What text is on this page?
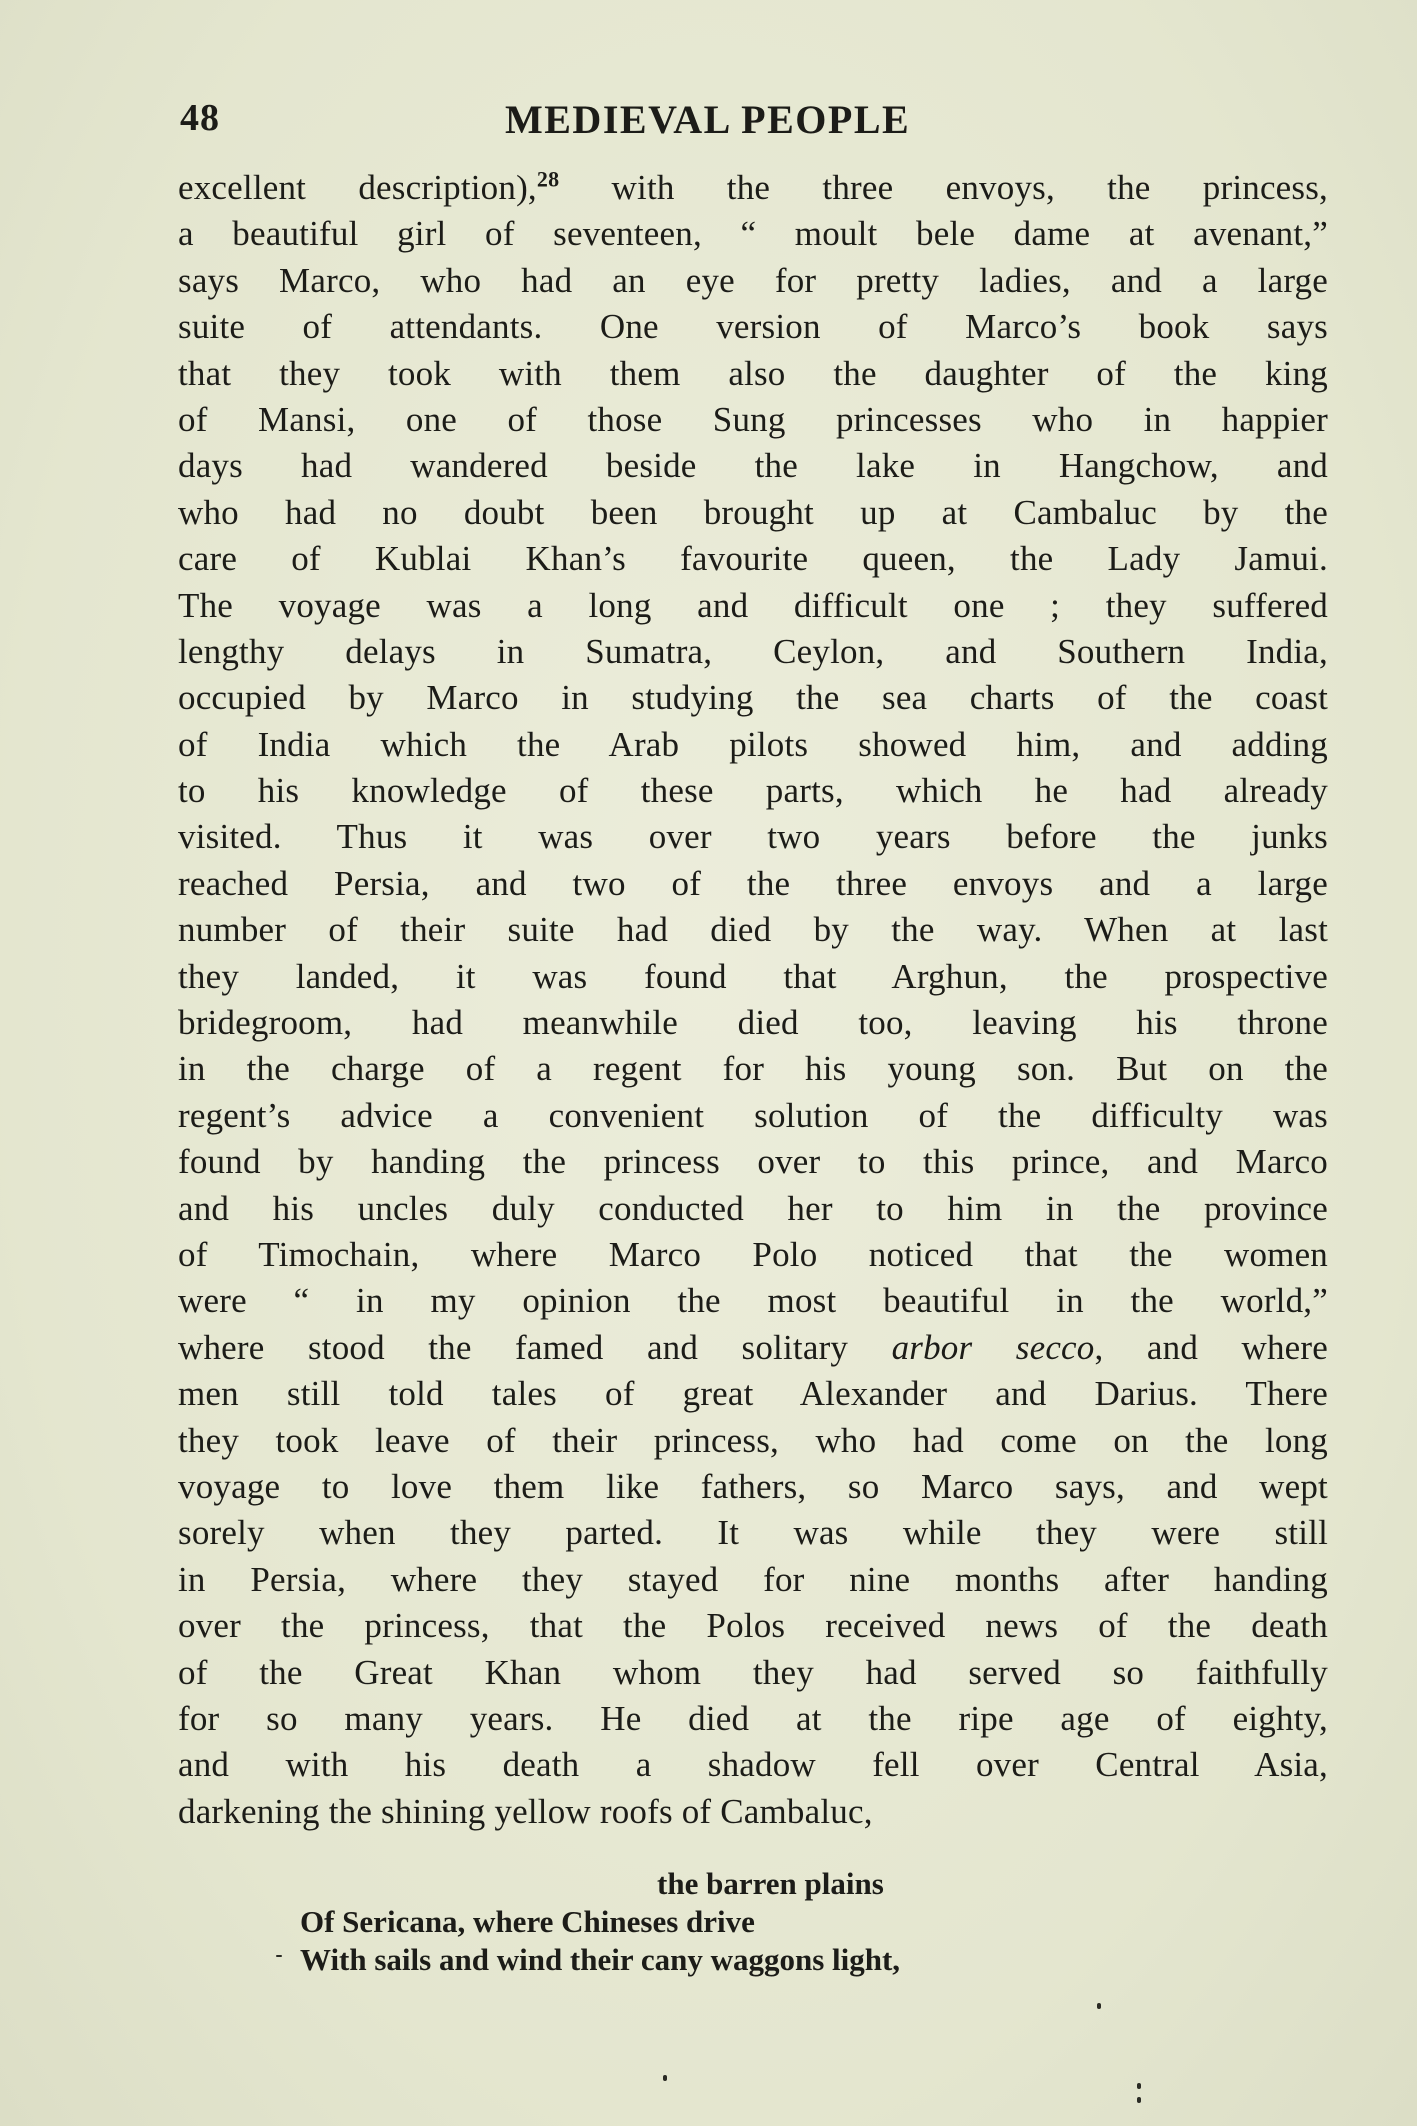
48	MEDIEVAL PEOPLE
excellent description),$^{28}$ with the three envoys, the princess,
a beautiful girl of seventeen, “ moult bele dame at avenant,”
says Marco, who had an eye for pretty ladies, and a large
suite of attendants. One version of Marco’s book says
that they took with them also the daughter of the king
of Mansi, one of those Sung princesses who in happier
days had wandered beside the lake in Hangchow, and
who had no doubt been brought up at Cambaluc by the
care of Kublai Khan’s favourite queen, the Lady Jamui.
The voyage was a long and difficult one ; they suffered
lengthy delays in Sumatra, Ceylon, and Southern India,
occupied by Marco in studying the sea charts of the coast
of India which the Arab pilots showed him, and adding
to his knowledge of these parts, which he had already
visited. Thus it was over two years before the junks
reached Persia, and two of the three envoys and a large
number of their suite had died by the way. When at last
they landed, it was found that Arghun, the prospective
bridegroom, had meanwhile died too, leaving his throne
in the charge of a regent for his young son. But on the
regent’s advice a convenient solution of the difficulty was
found by handing the princess over to this prince, and Marco
and his uncles duly conducted her to him in the province
of Timochain, where Marco Polo noticed that the women
were “ in my opinion the most beautiful in the world,”
where stood the famed and solitary arbor secco, and where
men still told tales of great Alexander and Darius. There
they took leave of their princess, who had come on the long
voyage to love them like fathers, so Marco says, and wept
sorely when they parted. It was while they were still
in Persia, where they stayed for nine months after handing
over the princess, that the Polos received news of the death
of the Great Khan whom they had served so faithfully
for so many years. He died at the ripe age of eighty,
and with his death a shadow fell over Central Asia,
darkening the shining yellow roofs of Cambaluc,
the barren plains
Of Sericana, where Chineses drive
With sails and wind their cany waggons light,
